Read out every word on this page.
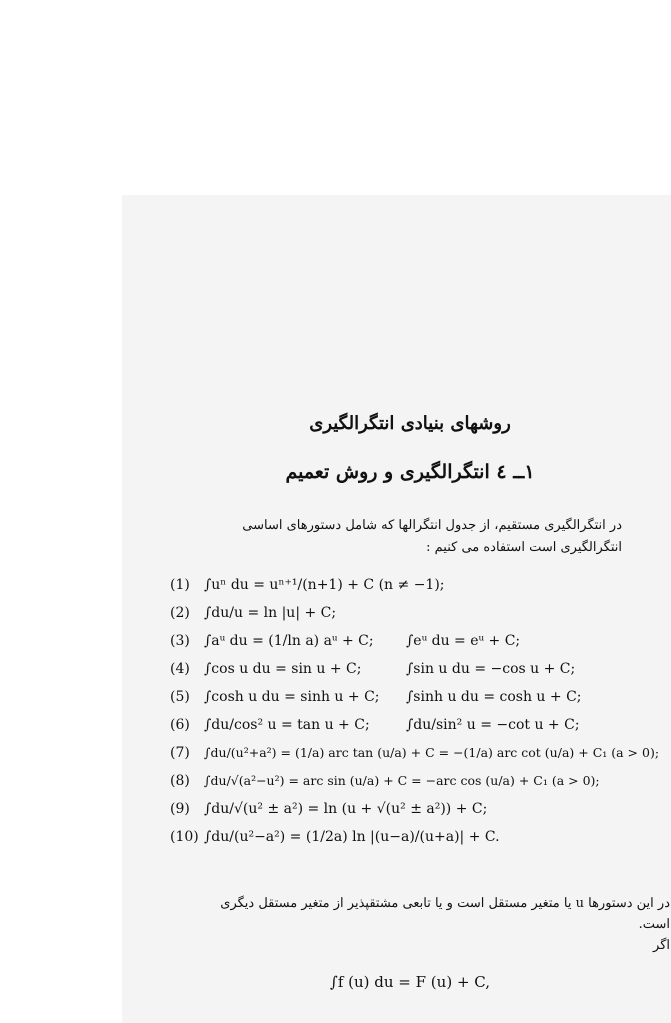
روشهای بنیادی انتگرالگیری
۱ــ ٤ انتگرالگیری و روش تعمیم
در انتگرالگیری مستقیم، از جدول انتگرالها که شامل دستورهای اساسی
انتگرالگیری است استفاده می کنیم :
(1)	∫uⁿ du = uⁿ⁺¹/(n+1) + C (n ≠ −1);
(2)	∫du/u = ln |u| + C;
(3)	∫aᵘ du = (1/ln a) aᵘ + C; ∫eᵘ du = eᵘ + C;
(4)	∫cos u du = sin u + C;	∫sin u du = −cos u + C;
(5)	∫cosh u du = sinh u + C; ∫sinh u du = cosh u + C;
(6)	∫du/cos² u = tan u + C;	∫du/sin² u = −cot u + C;
(7)	∫du/(u²+a²) = (1/a) arc tan (u/a) + C = −(1/a) arc cot (u/a) + C₁ (a > 0);
(8)	∫du/√(a²−u²) = arc sin (u/a) + C = −arc cos (u/a) + C₁ (a > 0);
(9)	∫du/√(u² ± a²) = ln (u + √(u² ± a²)) + C;
(10) ∫du/(u²−a²) = (1/2a) ln |(u−a)/(u+a)| + C.
در این دستورها u یا متغیر مستقل است و یا تابعی مشتقپذیر از متغیر مستقل دیگری
است.
اگر
∫f (u) du = F (u) + C,
